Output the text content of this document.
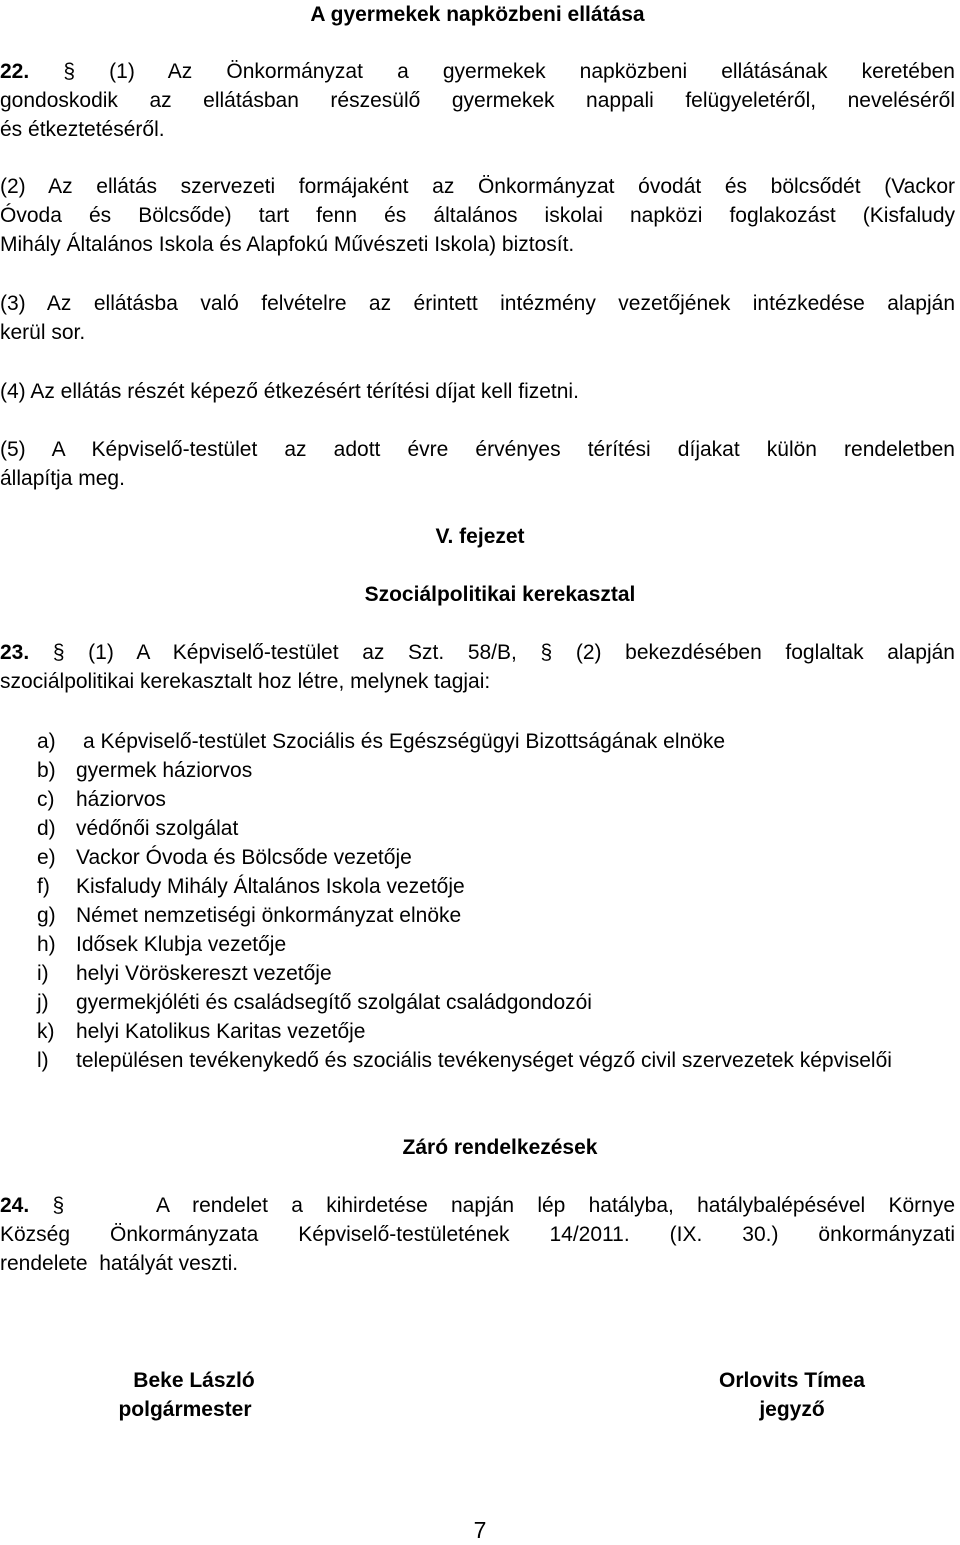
A gyermekek napközbeni ellátása
22. § (1) Az Önkormányzat a gyermekek napközbeni ellátásának keretében
gondoskodik az ellátásban részesülő gyermekek nappali felügyeletéről, neveléséről
és étkeztetéséről.
(2) Az ellátás szervezeti formájaként az Önkormányzat óvodát és bölcsődét (Vackor
Óvoda és Bölcsőde) tart fenn és általános iskolai napközi foglakozást (Kisfaludy
Mihály Általános Iskola és Alapfokú Művészeti Iskola) biztosít.
(3) Az ellátásba való felvételre az érintett intézmény vezetőjének intézkedése alapján
kerül sor.
(4) Az ellátás részét képező étkezésért térítési díjat kell fizetni.
(5) A Képviselő-testület az adott évre érvényes térítési díjakat külön rendeletben
állapítja meg.
V. fejezet
Szociálpolitikai kerekasztal
23. § (1) A Képviselő-testület az Szt. 58/B, § (2) bekezdésében foglaltak alapján
szociálpolitikai kerekasztalt hoz létre, melynek tagjai:
a) a Képviselő-testület Szociális és Egészségügyi Bizottságának elnöke
b) gyermek háziorvos
c) háziorvos
d) védőnői szolgálat
e) Vackor Óvoda és Bölcsőde vezetője
f) Kisfaludy Mihály Általános Iskola vezetője
g) Német nemzetiségi önkormányzat elnöke
h) Idősek Klubja vezetője
i) helyi Vöröskereszt vezetője
j) gyermekjóléti és családsegítő szolgálat családgondozói
k) helyi Katolikus Karitas vezetője
l) településen tevékenykedő és szociális tevékenységet végző civil szervezetek képviselői
Záró rendelkezések
24. §	A rendelet a kihirdetése napján lép hatályba, hatálybalépésével Környe
Község Önkormányzata Képviselő-testületének 14/2011. (IX. 30.) önkormányzati
rendelete  hatályát veszti.
Beke László
polgármester
Orlovits Tímea
jegyző
7
